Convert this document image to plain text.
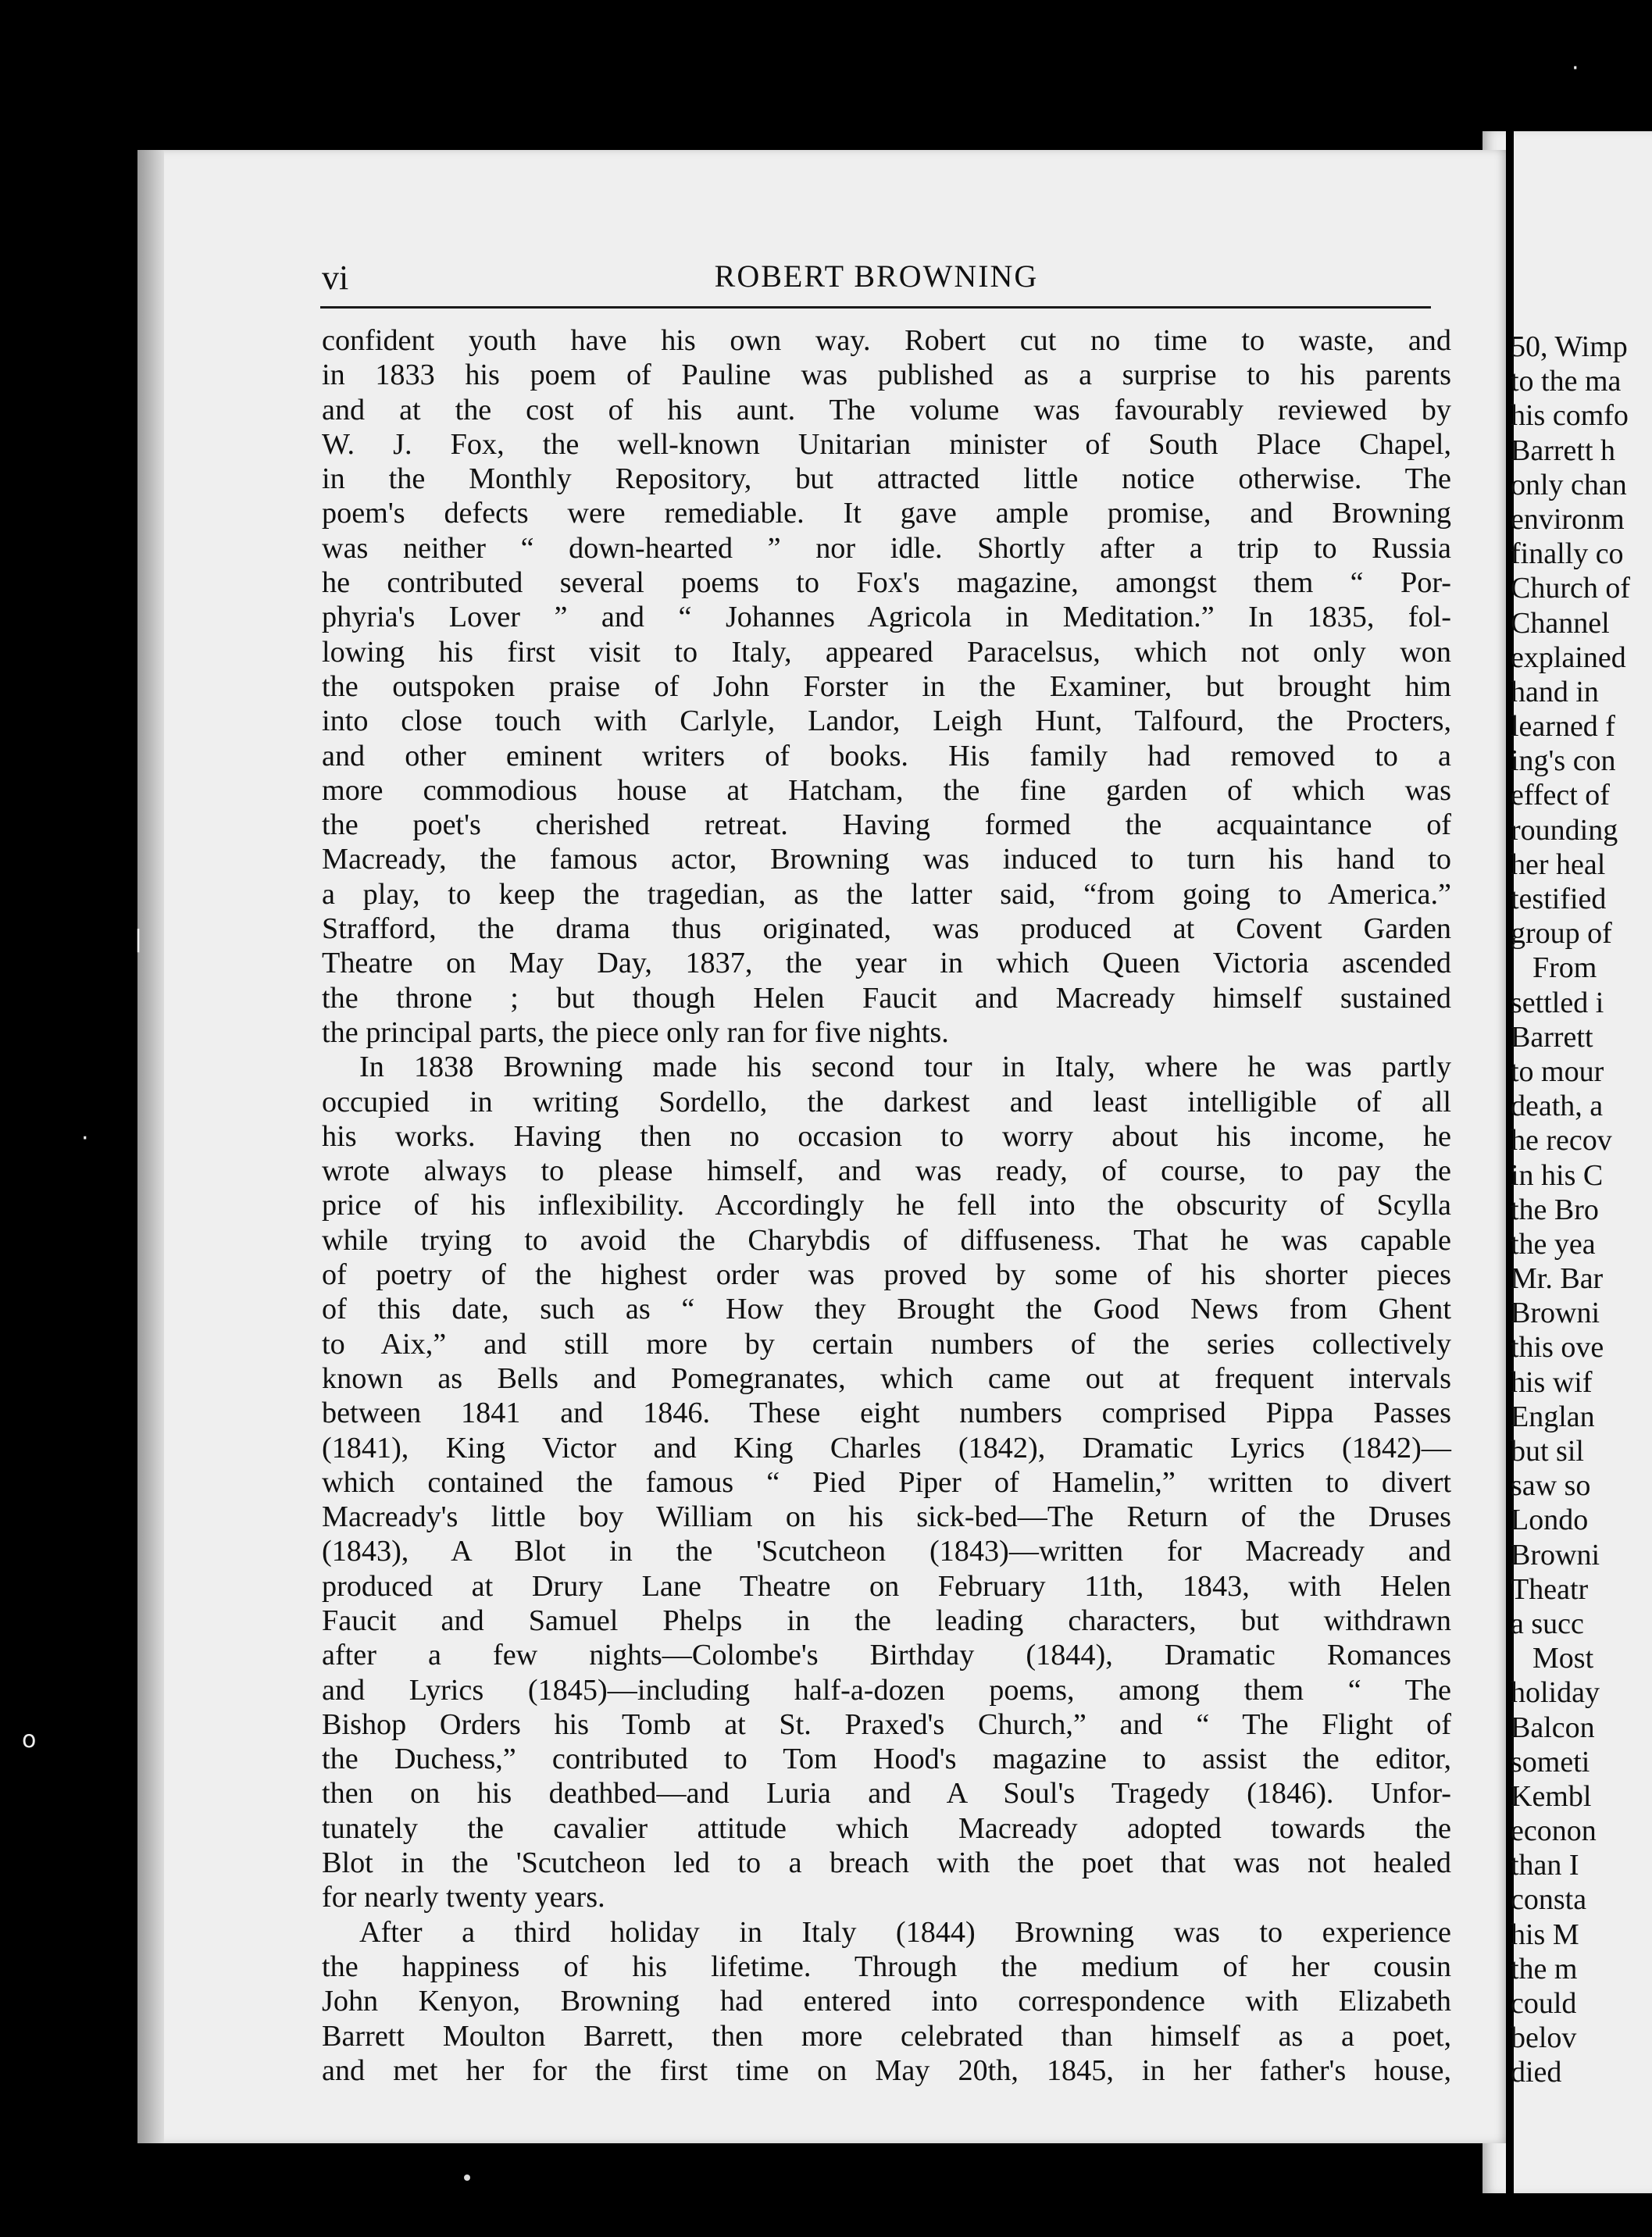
vi	ROBERT BROWNING
confident youth have his own way. Robert cut no time to waste, and
in 1833 his poem of Pauline was published as a surprise to his parents
and at the cost of his aunt. The volume was favourably reviewed by
W. J. Fox, the well-known Unitarian minister of South Place Chapel,
in the Monthly Repository, but attracted little notice otherwise. The
poem's defects were remediable. It gave ample promise, and Browning
was neither “ down-hearted ” nor idle. Shortly after a trip to Russia
he contributed several poems to Fox's magazine, amongst them “ Por-
phyria's Lover ” and “ Johannes Agricola in Meditation.” In 1835, fol-
lowing his first visit to Italy, appeared Paracelsus, which not only won
the outspoken praise of John Forster in the Examiner, but brought him
into close touch with Carlyle, Landor, Leigh Hunt, Talfourd, the Procters,
and other eminent writers of books. His family had removed to a
more commodious house at Hatcham, the fine garden of which was
the poet's cherished retreat. Having formed the acquaintance of
Macready, the famous actor, Browning was induced to turn his hand to
a play, to keep the tragedian, as the latter said, “from going to America.”
Strafford, the drama thus originated, was produced at Covent Garden
Theatre on May Day, 1837, the year in which Queen Victoria ascended
the throne ; but though Helen Faucit and Macready himself sustained
the principal parts, the piece only ran for five nights.
In 1838 Browning made his second tour in Italy, where he was partly
occupied in writing Sordello, the darkest and least intelligible of all
his works. Having then no occasion to worry about his income, he
wrote always to please himself, and was ready, of course, to pay the
price of his inflexibility. Accordingly he fell into the obscurity of Scylla
while trying to avoid the Charybdis of diffuseness. That he was capable
of poetry of the highest order was proved by some of his shorter pieces
of this date, such as “ How they Brought the Good News from Ghent
to Aix,” and still more by certain numbers of the series collectively
known as Bells and Pomegranates, which came out at frequent intervals
between 1841 and 1846. These eight numbers comprised Pippa Passes
(1841), King Victor and King Charles (1842), Dramatic Lyrics (1842)—
which contained the famous “ Pied Piper of Hamelin,” written to divert
Macready's little boy William on his sick-bed—The Return of the Druses
(1843), A Blot in the 'Scutcheon (1843)—written for Macready and
produced at Drury Lane Theatre on February 11th, 1843, with Helen
Faucit and Samuel Phelps in the leading characters, but withdrawn
after a few nights—Colombe's Birthday (1844), Dramatic Romances
and Lyrics (1845)—including half-a-dozen poems, among them “ The
Bishop Orders his Tomb at St. Praxed's Church,” and “ The Flight of
the Duchess,” contributed to Tom Hood's magazine to assist the editor,
then on his deathbed—and Luria and A Soul's Tragedy (1846). Unfor-
tunately the cavalier attitude which Macready adopted towards the
Blot in the 'Scutcheon led to a breach with the poet that was not healed
for nearly twenty years.
After a third holiday in Italy (1844) Browning was to experience
the happiness of his lifetime. Through the medium of her cousin
John Kenyon, Browning had entered into correspondence with Elizabeth
Barrett Moulton Barrett, then more celebrated than himself as a poet,
and met her for the first time on May 20th, 1845, in her father's house,
50, Wimp
to the ma
his comfo
Barrett h
only chan
environm
finally co
Church of
Channel
explained
hand in
learned f
ing's con
effect of
rounding
her heal
testified
group of
From
settled i
Barrett
to mour
death, a
he recov
in his C
the Bro
the yea
Mr. Bar
Browni
this ove
his wif
Englan
but sil
saw so
Londo
Browni
Theatr
a succ
Most
holiday
Balcon
someti
Kembl
econon
than I
consta
his M
the m
could
belov
died
|
·
o
·
